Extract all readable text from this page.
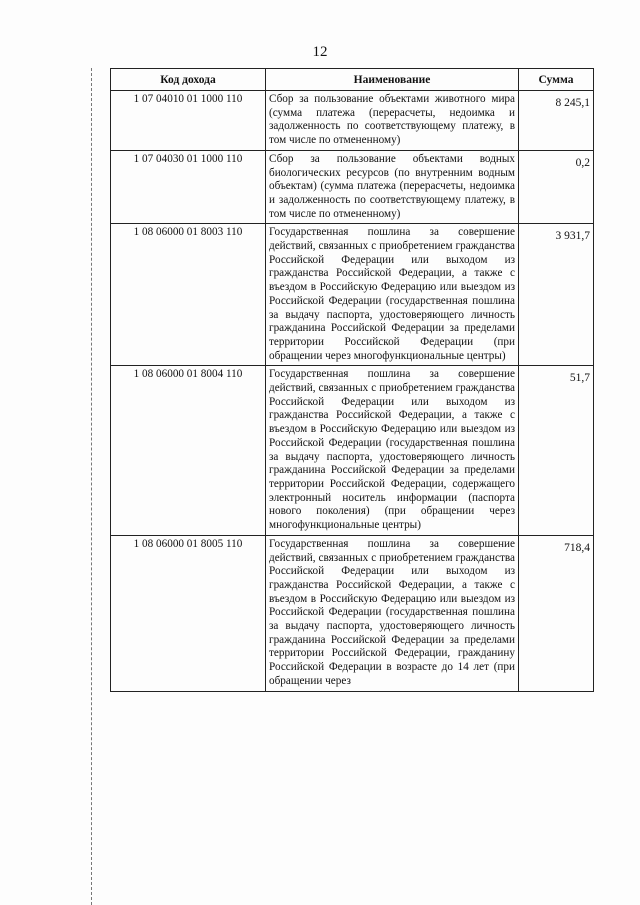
12
Код дохода	Наименование	Сумма
1 07 04010 01 1000 110	Сбор за пользование объектами животного мира (сумма платежа (перерасчеты, недоимка и задолженность по соответствующему платежу, в том числе по отмененному)	8 245,1
1 07 04030 01 1000 110	Сбор за пользование объектами водных биологических ресурсов (по внутренним водным объектам) (сумма платежа (перерасчеты, недоимка и задолженность по соответствующему платежу, в том числе по отмененному)	0,2
1 08 06000 01 8003 110	Государственная пошлина за совершение действий, связанных с приобретением гражданства Российской Федерации или выходом из гражданства Российской Федерации, а также с въездом в Российскую Федерацию или выездом из Российской Федерации (государственная пошлина за выдачу паспорта, удостоверяющего личность гражданина Российской Федерации за пределами территории Российской Федерации (при обращении через многофункциональные центры)	3 931,7
1 08 06000 01 8004 110	Государственная пошлина за совершение действий, связанных с приобретением гражданства Российской Федерации или выходом из гражданства Российской Федерации, а также с въездом в Российскую Федерацию или выездом из Российской Федерации (государственная пошлина за выдачу паспорта, удостоверяющего личность гражданина Российской Федерации за пределами территории Российской Федерации, содержащего электронный носитель информации (паспорта нового поколения) (при обращении через многофункциональные центры)	51,7
1 08 06000 01 8005 110	Государственная пошлина за совершение действий, связанных с приобретением гражданства Российской Федерации или выходом из гражданства Российской Федерации, а также с въездом в Российскую Федерацию или выездом из Российской Федерации (государственная пошлина за выдачу паспорта, удостоверяющего личность гражданина Российской Федерации за пределами территории Российской Федерации, гражданину Российской Федерации в возрасте до 14 лет (при обращении через	718,4
